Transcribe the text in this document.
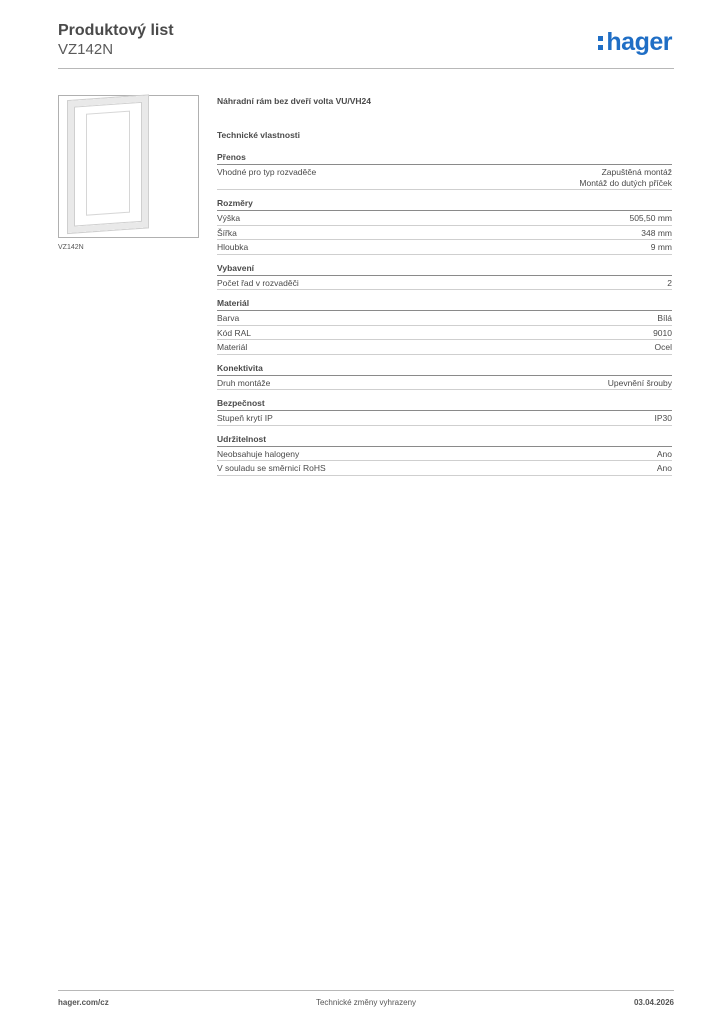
Produktový list
VZ142N	hager
VZ142N
Náhradní rám bez dveří volta VU/VH24
Technické vlastnosti
Přenos
Vhodné pro typ rozvaděče	Zapuštěná montáž
Montáž do dutých příček
Rozměry
Výška	505,50 mm
Šířka	348 mm
Hloubka	9 mm
Vybavení
Počet řad v rozvaděči	2
Materiál
Barva	Bílá
Kód RAL	9010
Materiál	Ocel
Konektivita
Druh montáže	Upevnění šrouby
Bezpečnost
Stupeň krytí IP	IP30
Udržitelnost
Neobsahuje halogeny	Ano
V souladu se směrnicí RoHS	Ano
hager.com/cz	Technické změny vyhrazeny	03.04.2026
